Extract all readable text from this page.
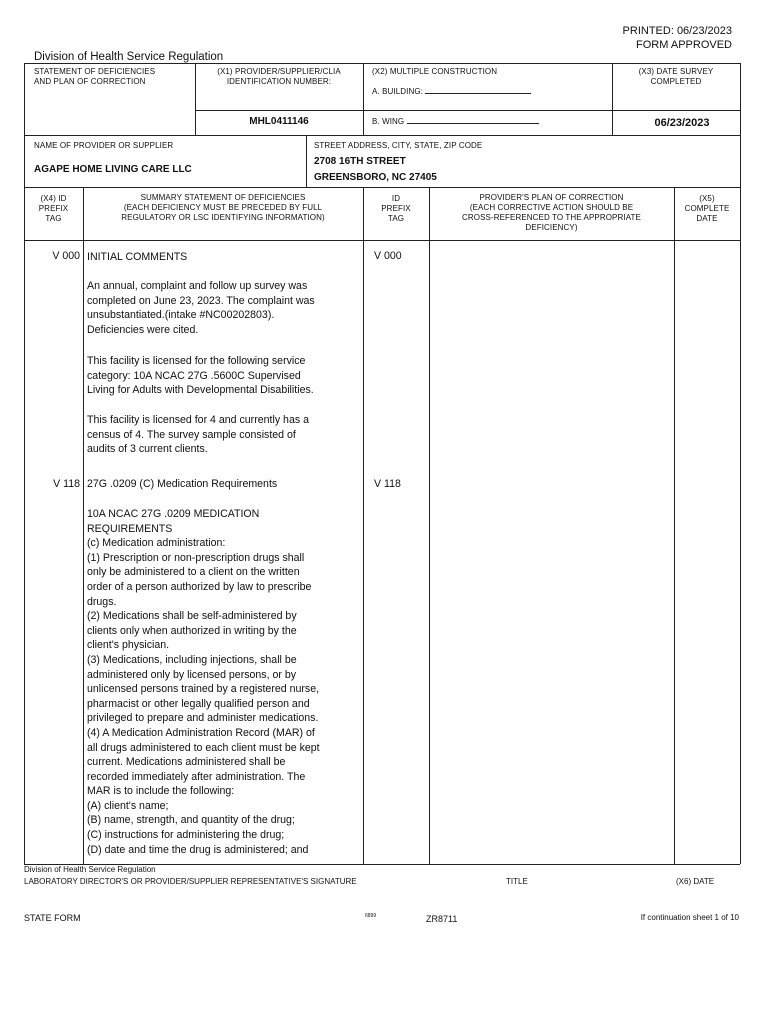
PRINTED: 06/23/2023
FORM APPROVED
Division of Health Service Regulation
STATEMENT OF DEFICIENCIES
AND PLAN OF CORRECTION
(X1) PROVIDER/SUPPLIER/CLIA
IDENTIFICATION NUMBER:
MHL0411146
(X2) MULTIPLE CONSTRUCTION
A. BUILDING:
B. WING
(X3) DATE SURVEY
COMPLETED
06/23/2023
NAME OF PROVIDER OR SUPPLIER
AGAPE HOME LIVING CARE LLC
STREET ADDRESS, CITY, STATE, ZIP CODE
2708 16TH STREET
GREENSBORO, NC 27405
(X4) ID
PREFIX
TAG
SUMMARY STATEMENT OF DEFICIENCIES
(EACH DEFICIENCY MUST BE PRECEDED BY FULL
REGULATORY OR LSC IDENTIFYING INFORMATION)
ID
PREFIX
TAG
PROVIDER'S PLAN OF CORRECTION
(EACH CORRECTIVE ACTION SHOULD BE
CROSS-REFERENCED TO THE APPROPRIATE
DEFICIENCY)
(X5)
COMPLETE
DATE
V 000 INITIAL COMMENTS	V 000
An annual, complaint and follow up survey was
completed on June 23, 2023. The complaint was
unsubstantiated.(intake #NC00202803).
Deficiencies were cited.
This facility is licensed for the following service
category: 10A NCAC 27G .5600C Supervised
Living for Adults with Developmental Disabilities.
This facility is licensed for 4 and currently has a
census of 4. The survey sample consisted of
audits of 3 current clients.
V 118 27G .0209 (C) Medication Requirements	V 118
10A NCAC 27G .0209 MEDICATION
REQUIREMENTS
(c) Medication administration:
(1) Prescription or non-prescription drugs shall
only be administered to a client on the written
order of a person authorized by law to prescribe
drugs.
(2) Medications shall be self-administered by
clients only when authorized in writing by the
client's physician.
(3) Medications, including injections, shall be
administered only by licensed persons, or by
unlicensed persons trained by a registered nurse,
pharmacist or other legally qualified person and
privileged to prepare and administer medications.
(4) A Medication Administration Record (MAR) of
all drugs administered to each client must be kept
current. Medications administered shall be
recorded immediately after administration. The
MAR is to include the following:
(A) client's name;
(B) name, strength, and quantity of the drug;
(C) instructions for administering the drug;
(D) date and time the drug is administered; and
Division of Health Service Regulation
LABORATORY DIRECTOR'S OR PROVIDER/SUPPLIER REPRESENTATIVE'S SIGNATURE	TITLE	(X6) DATE
STATE FORM	6899	ZR8711	If continuation sheet 1 of 10
